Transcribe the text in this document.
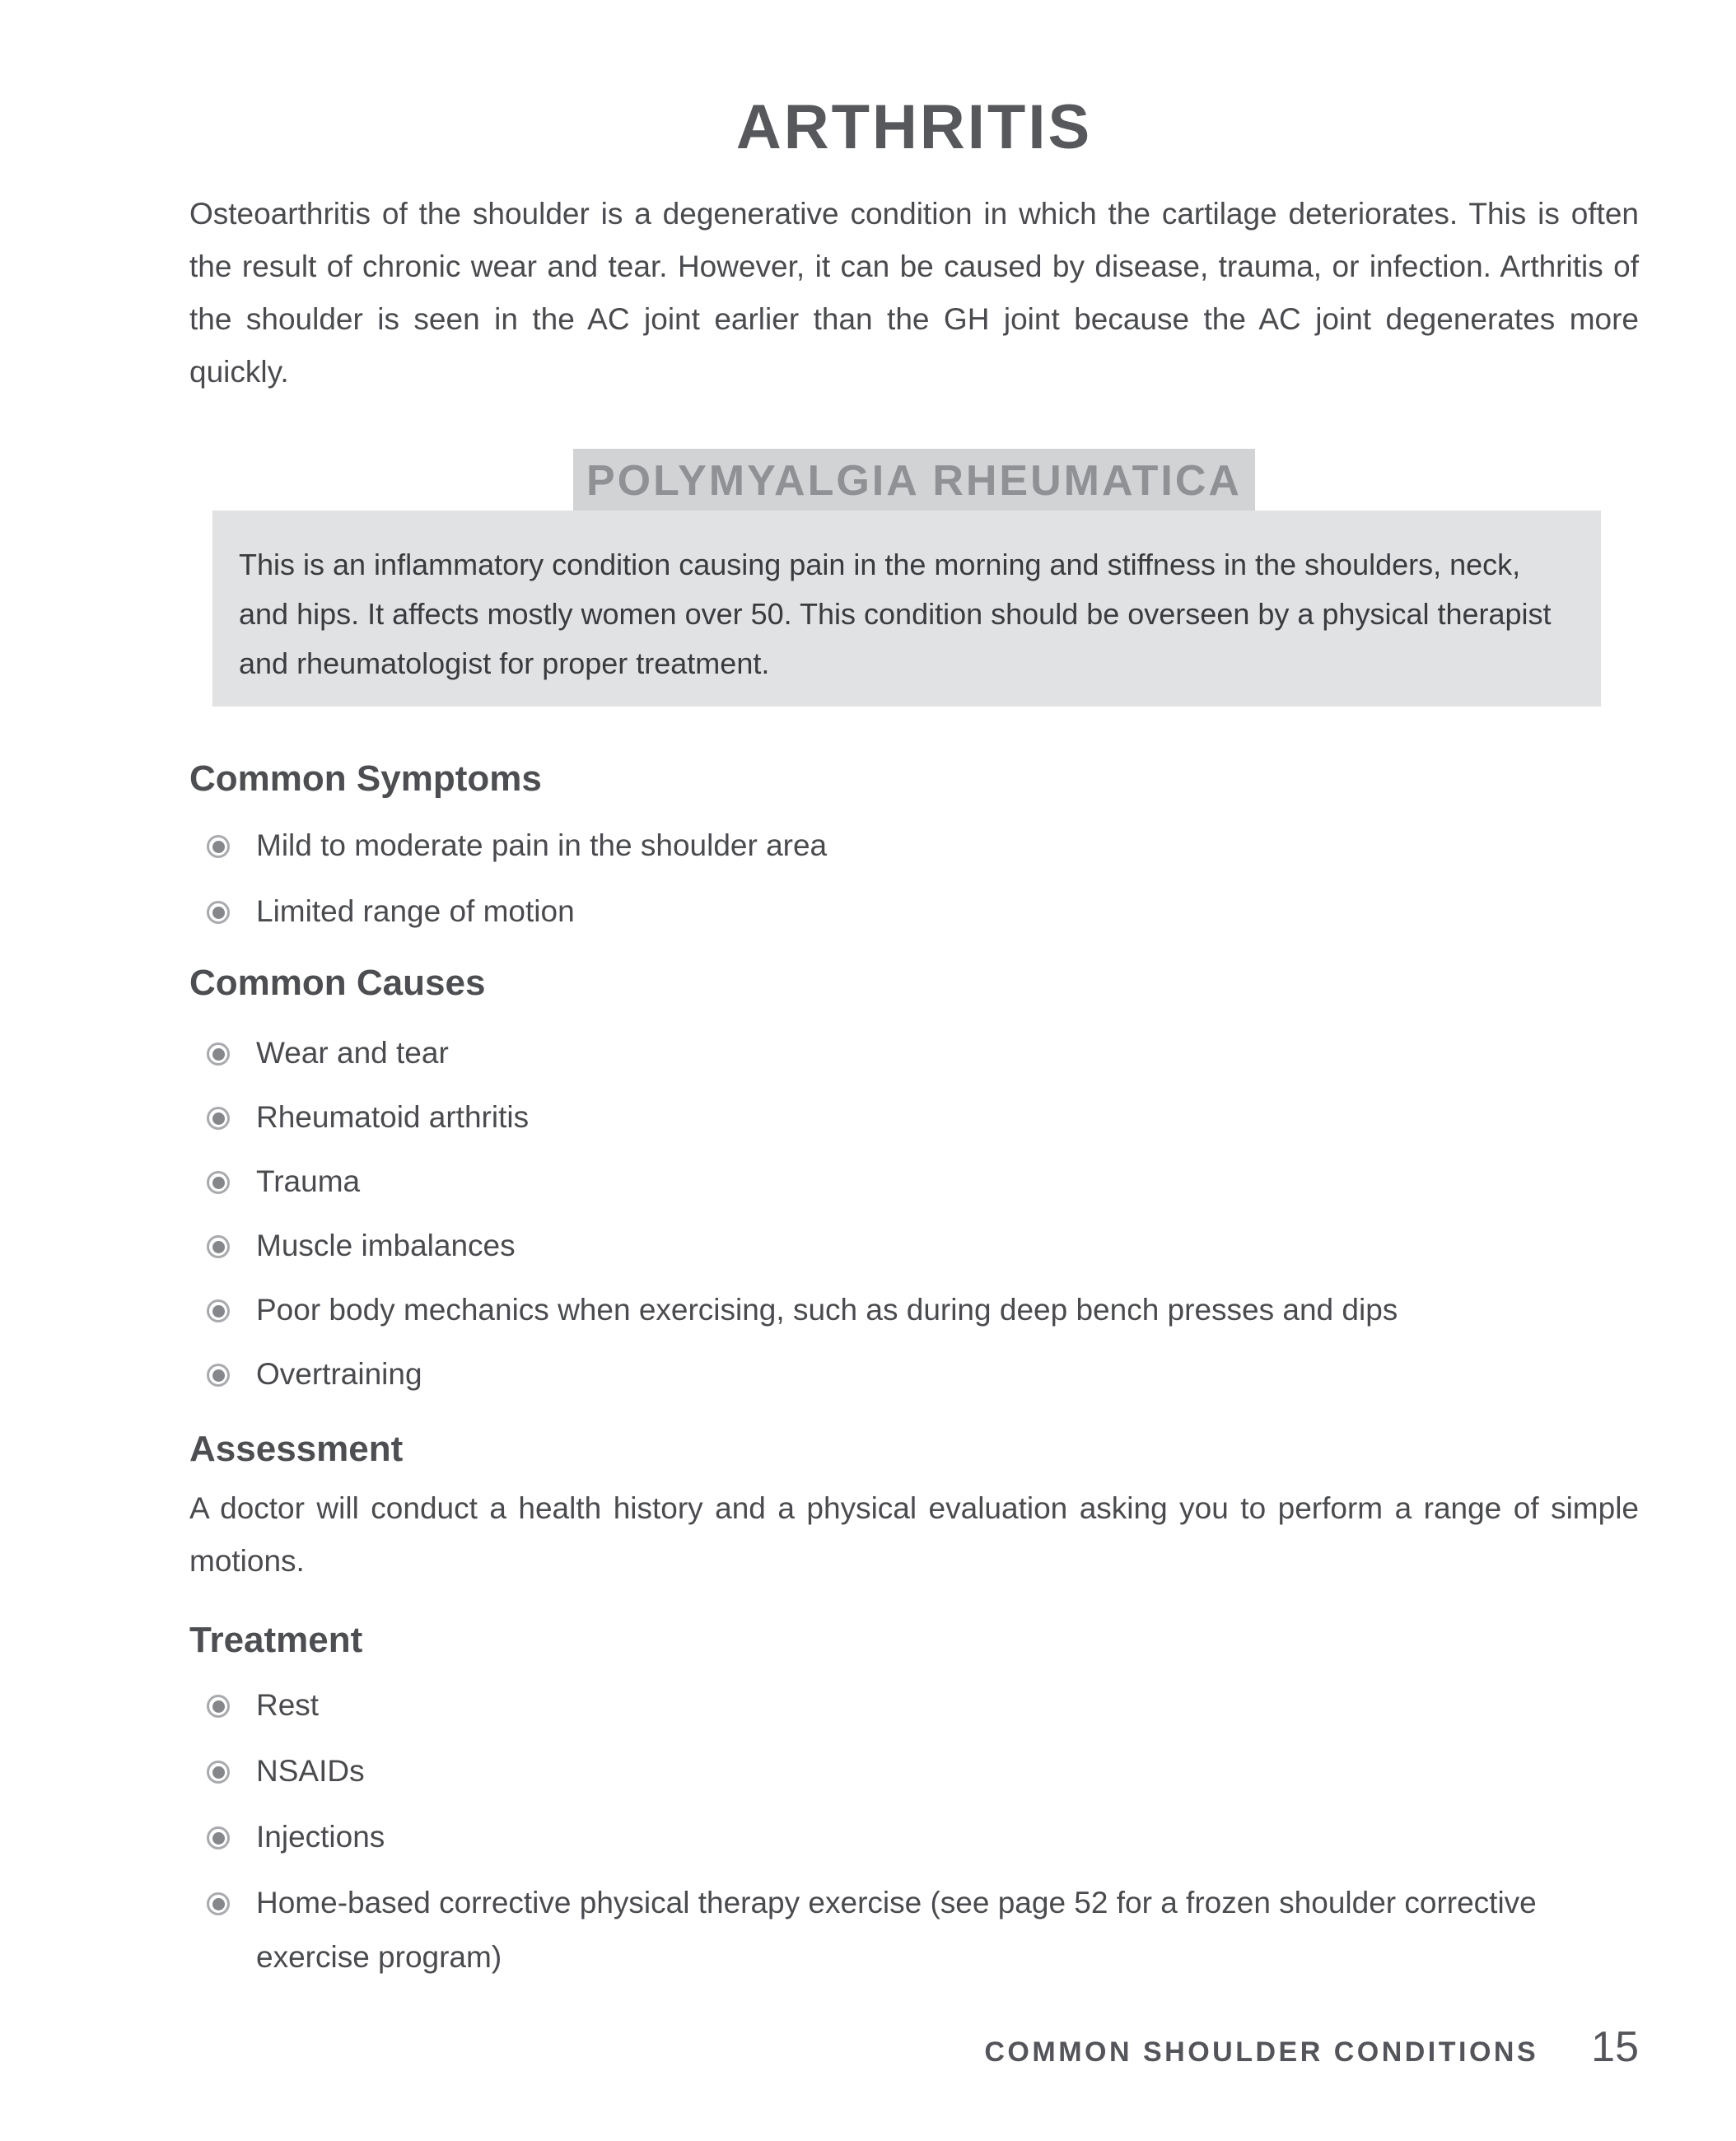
ARTHRITIS

Osteoarthritis of the shoulder is a degenerative condition in which the cartilage deteriorates. This is often the result of chronic wear and tear. However, it can be caused by disease, trauma, or infection. Arthritis of the shoulder is seen in the AC joint earlier than the GH joint because the AC joint degenerates more quickly.

POLYMYALGIA RHEUMATICA
This is an inflammatory condition causing pain in the morning and stiffness in the shoulders, neck, and hips. It affects mostly women over 50. This condition should be overseen by a physical therapist and rheumatologist for proper treatment.
Common Symptoms
Mild to moderate pain in the shoulder area
Limited range of motion
Common Causes
Wear and tear
Rheumatoid arthritis
Trauma
Muscle imbalances
Poor body mechanics when exercising, such as during deep bench presses and dips
Overtraining
Assessment

A doctor will conduct a health history and a physical evaluation asking you to perform a range of simple motions.

Treatment
Rest
NSAIDs
Injections
Home-based corrective physical therapy exercise (see page 52 for a frozen shoulder corrective exercise program)
COMMON SHOULDER CONDITIONS 15
